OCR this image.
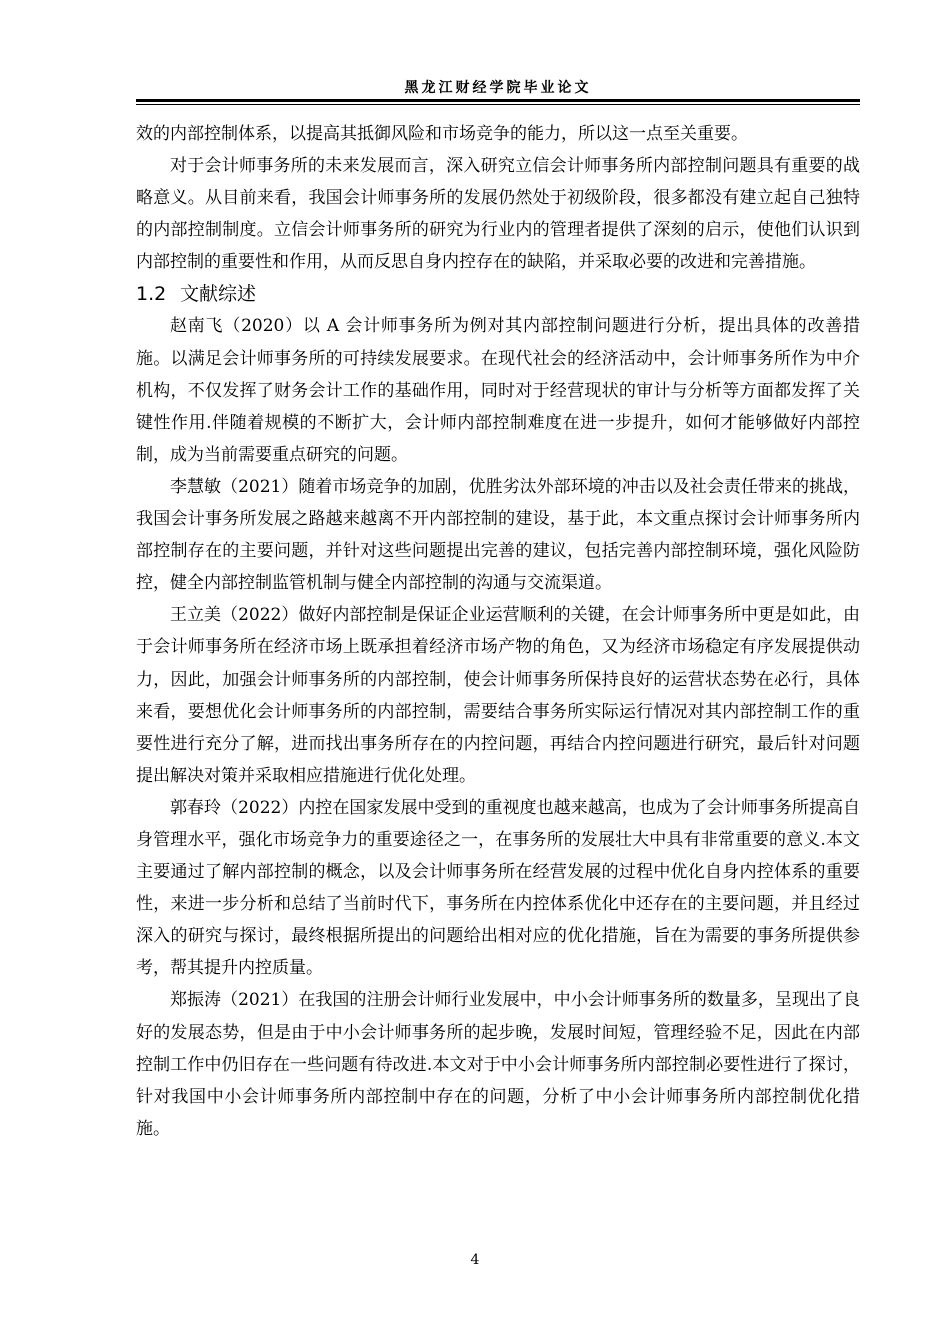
黑龙江财经学院毕业论文

效的内部控制体系，以提高其抵御风险和市场竞争的能力，所以这一点至关重要。

对于会计师事务所的未来发展而言，深入研究立信会计师事务所内部控制问题具有重要的战略意义。从目前来看，我国会计师事务所的发展仍然处于初级阶段，很多都没有建立起自己独特的内部控制制度。立信会计师事务所的研究为行业内的管理者提供了深刻的启示，使他们认识到内部控制的重要性和作用，从而反思自身内控存在的缺陷，并采取必要的改进和完善措施。

1.2 文献综述

赵南飞（2020）以 A 会计师事务所为例对其内部控制问题进行分析，提出具体的改善措施。以满足会计师事务所的可持续发展要求。在现代社会的经济活动中，会计师事务所作为中介机构，不仅发挥了财务会计工作的基础作用，同时对于经营现状的审计与分析等方面都发挥了关键性作用.伴随着规模的不断扩大，会计师内部控制难度在进一步提升，如何才能够做好内部控制，成为当前需要重点研究的问题。

李慧敏（2021）随着市场竞争的加剧，优胜劣汰外部环境的冲击以及社会责任带来的挑战，我国会计事务所发展之路越来越离不开内部控制的建设，基于此，本文重点探讨会计师事务所内部控制存在的主要问题，并针对这些问题提出完善的建议，包括完善内部控制环境，强化风险防控，健全内部控制监管机制与健全内部控制的沟通与交流渠道。

王立美（2022）做好内部控制是保证企业运营顺利的关键，在会计师事务所中更是如此，由于会计师事务所在经济市场上既承担着经济市场产物的角色，又为经济市场稳定有序发展提供动力，因此，加强会计师事务所的内部控制，使会计师事务所保持良好的运营状态势在必行，具体来看，要想优化会计师事务所的内部控制，需要结合事务所实际运行情况对其内部控制工作的重要性进行充分了解，进而找出事务所存在的内控问题，再结合内控问题进行研究，最后针对问题提出解决对策并采取相应措施进行优化处理。

郭春玲（2022）内控在国家发展中受到的重视度也越来越高，也成为了会计师事务所提高自身管理水平，强化市场竞争力的重要途径之一，在事务所的发展壮大中具有非常重要的意义.本文主要通过了解内部控制的概念，以及会计师事务所在经营发展的过程中优化自身内控体系的重要性，来进一步分析和总结了当前时代下，事务所在内控体系优化中还存在的主要问题，并且经过深入的研究与探讨，最终根据所提出的问题给出相对应的优化措施，旨在为需要的事务所提供参考，帮其提升内控质量。

郑振涛（2021）在我国的注册会计师行业发展中，中小会计师事务所的数量多，呈现出了良好的发展态势，但是由于中小会计师事务所的起步晚，发展时间短，管理经验不足，因此在内部控制工作中仍旧存在一些问题有待改进.本文对于中小会计师事务所内部控制必要性进行了探讨，针对我国中小会计师事务所内部控制中存在的问题，分析了中小会计师事务所内部控制优化措施。

4
